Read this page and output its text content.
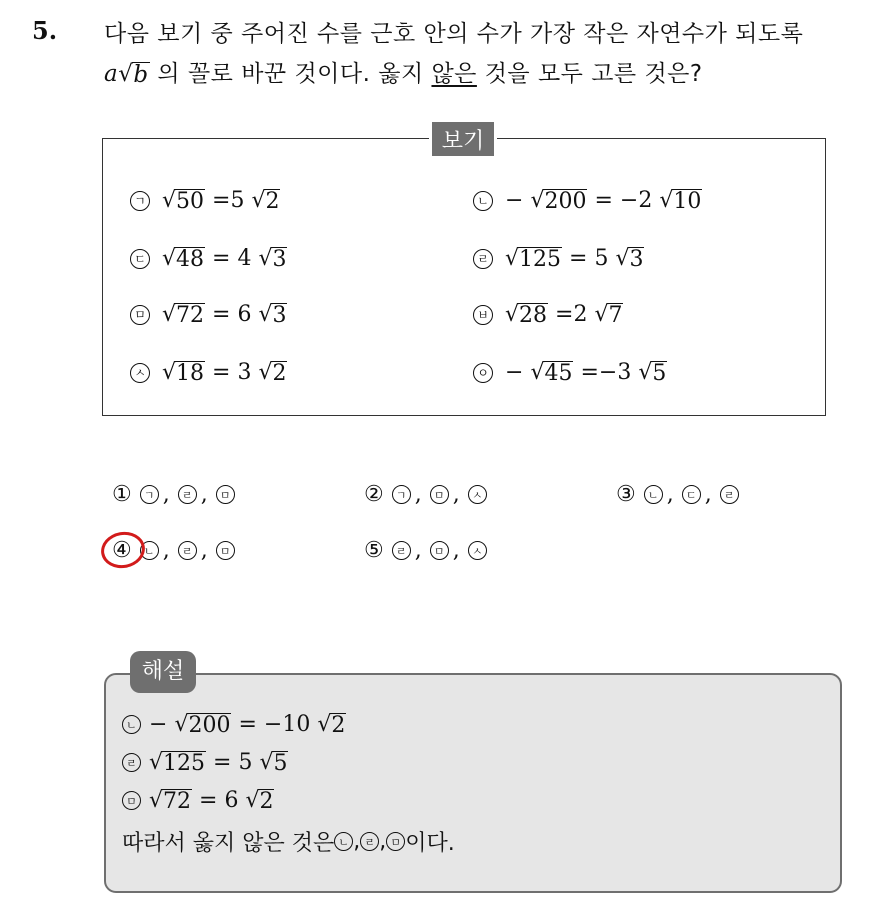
5. 다음 보기 중 주어진 수를 근호 안의 수가 가장 작은 자연수가 되도록
a √ b 의 꼴로 바꾼 것이다. 옳지 않은 것을 모두 고른 것은?
보기
ㄱ √ 50 =5 √ 2	ㄴ − √ 200 = −2 √ 10
ㄷ √ 48 = 4 √ 3	ㄹ √ 125 = 5 √ 3
ㅁ √ 72 = 6 √ 3	ㅂ √ 28 =2 √ 7
ㅅ √ 18 = 3 √ 2	ㅇ − √ 45 =−3 √ 5
①	ㄱ ,	ㄹ ,	ㅁ	②	ㄱ ,	ㅁ ,	ㅅ	③	ㄴ ,	ㄷ ,	ㄹ
④	ㄴ ,	ㄹ ,	ㅁ	⑤	ㄹ ,	ㅁ ,	ㅅ
해설
ㄴ − √ 200 = −10 √ 2
ㄹ √ 125 = 5 √ 5
ㅁ √ 72 = 6 √ 2
따라서 옳지 않은 것은 ㄴ , ㄹ , ㅁ 이다.
